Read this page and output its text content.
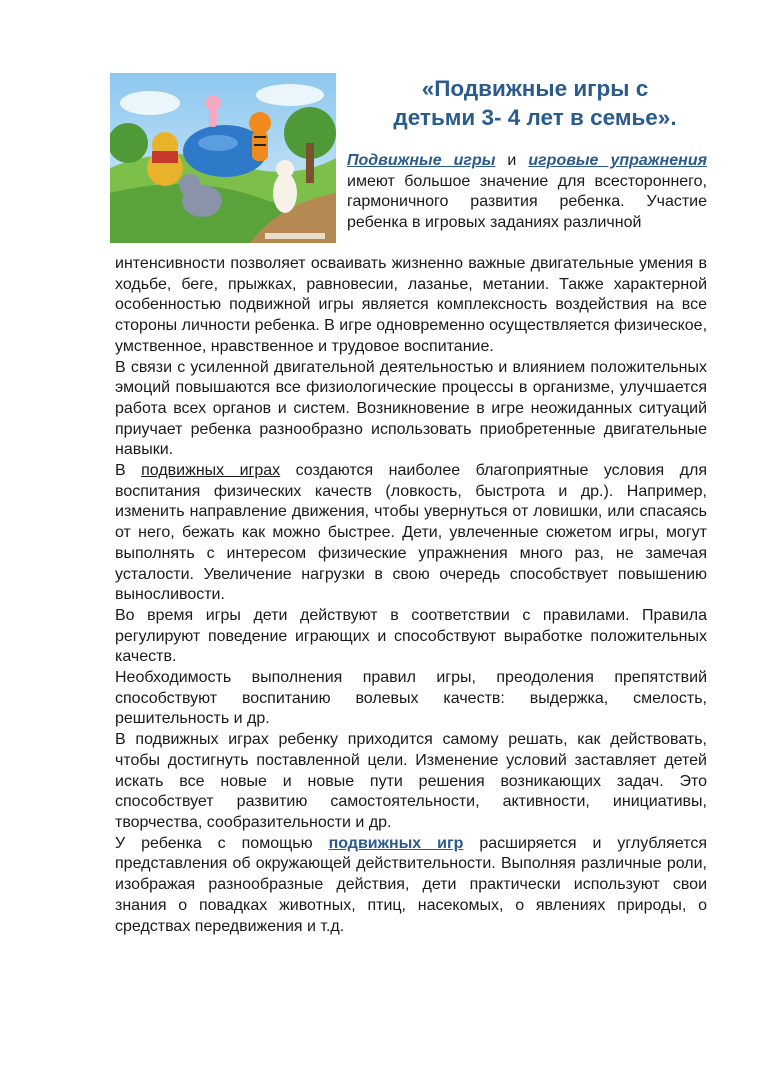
«Подвижные игры с
детьми 3- 4 лет в семье».

Подвижные игры и игровые упражнения имеют большое значение для всестороннего, гармоничного развития ребенка. Участие ребенка в игровых заданиях различной

интенсивности позволяет осваивать жизненно важные двигательные умения в ходьбе, беге, прыжках, равновесии, лазанье, метании. Также характерной особенностью подвижной игры является комплексность воздействия на все стороны личности ребенка. В игре одновременно осуществляется физическое, умственное, нравственное и трудовое воспитание.

В связи с усиленной двигательной деятельностью и влиянием положительных эмоций повышаются все физиологические процессы в организме, улучшается работа всех органов и систем. Возникновение в игре неожиданных ситуаций приучает ребенка разнообразно использовать приобретенные двигательные навыки.

В подвижных играх создаются наиболее благоприятные условия для воспитания физических качеств (ловкость, быстрота и др.). Например, изменить направление движения, чтобы увернуться от ловишки, или спасаясь от него, бежать как можно быстрее. Дети, увлеченные сюжетом игры, могут выполнять с интересом физические упражнения много раз, не замечая усталости. Увеличение нагрузки в свою очередь способствует повышению выносливости.

Во время игры дети действуют в соответствии с правилами. Правила регулируют поведение играющих и способствуют выработке положительных качеств.

Необходимость выполнения правил игры, преодоления препятствий способствуют воспитанию волевых качеств: выдержка, смелость, решительность и др.

В подвижных играх ребенку приходится самому решать, как действовать, чтобы достигнуть поставленной цели. Изменение условий заставляет детей искать все новые и новые пути решения возникающих задач. Это способствует развитию самостоятельности, активности, инициативы, творчества, сообразительности и др.

У ребенка с помощью подвижных игр расширяется и углубляется представления об окружающей действительности. Выполняя различные роли, изображая разнообразные действия, дети практически используют свои знания о повадках животных, птиц, насекомых, о явлениях природы, о средствах передвижения и т.д.
